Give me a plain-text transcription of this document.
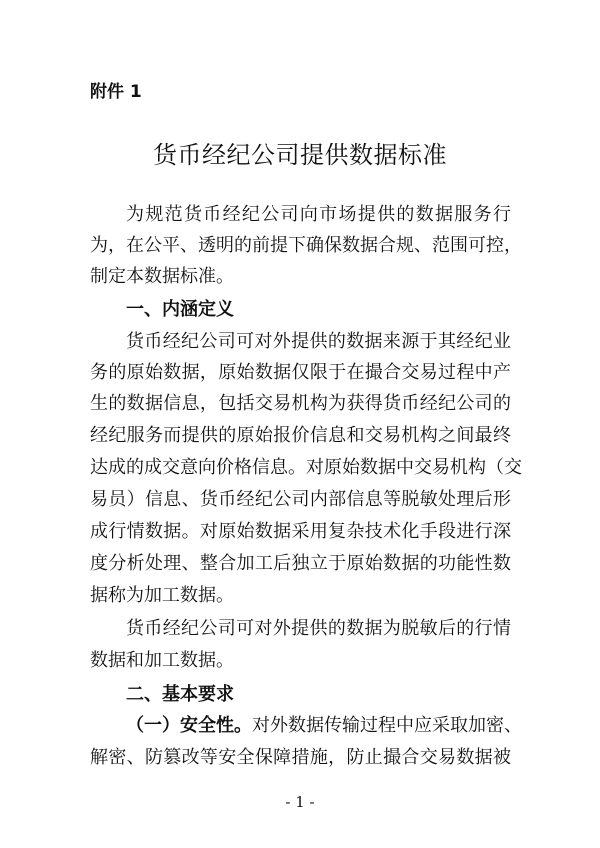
附件 1
货币经纪公司提供数据标准
为规范货币经纪公司向市场提供的数据服务行
为，在公平、透明的前提下确保数据合规、范围可控，
制定本数据标准。
一、内涵定义
货币经纪公司可对外提供的数据来源于其经纪业
务的原始数据，原始数据仅限于在撮合交易过程中产
生的数据信息，包括交易机构为获得货币经纪公司的
经纪服务而提供的原始报价信息和交易机构之间最终
达成的成交意向价格信息。对原始数据中交易机构（交
易员）信息、货币经纪公司内部信息等脱敏处理后形
成行情数据。对原始数据采用复杂技术化手段进行深
度分析处理、整合加工后独立于原始数据的功能性数
据称为加工数据。
货币经纪公司可对外提供的数据为脱敏后的行情
数据和加工数据。
二、基本要求
（一）安全性。对外数据传输过程中应采取加密、
解密、防篡改等安全保障措施，防止撮合交易数据被
- 1 -
